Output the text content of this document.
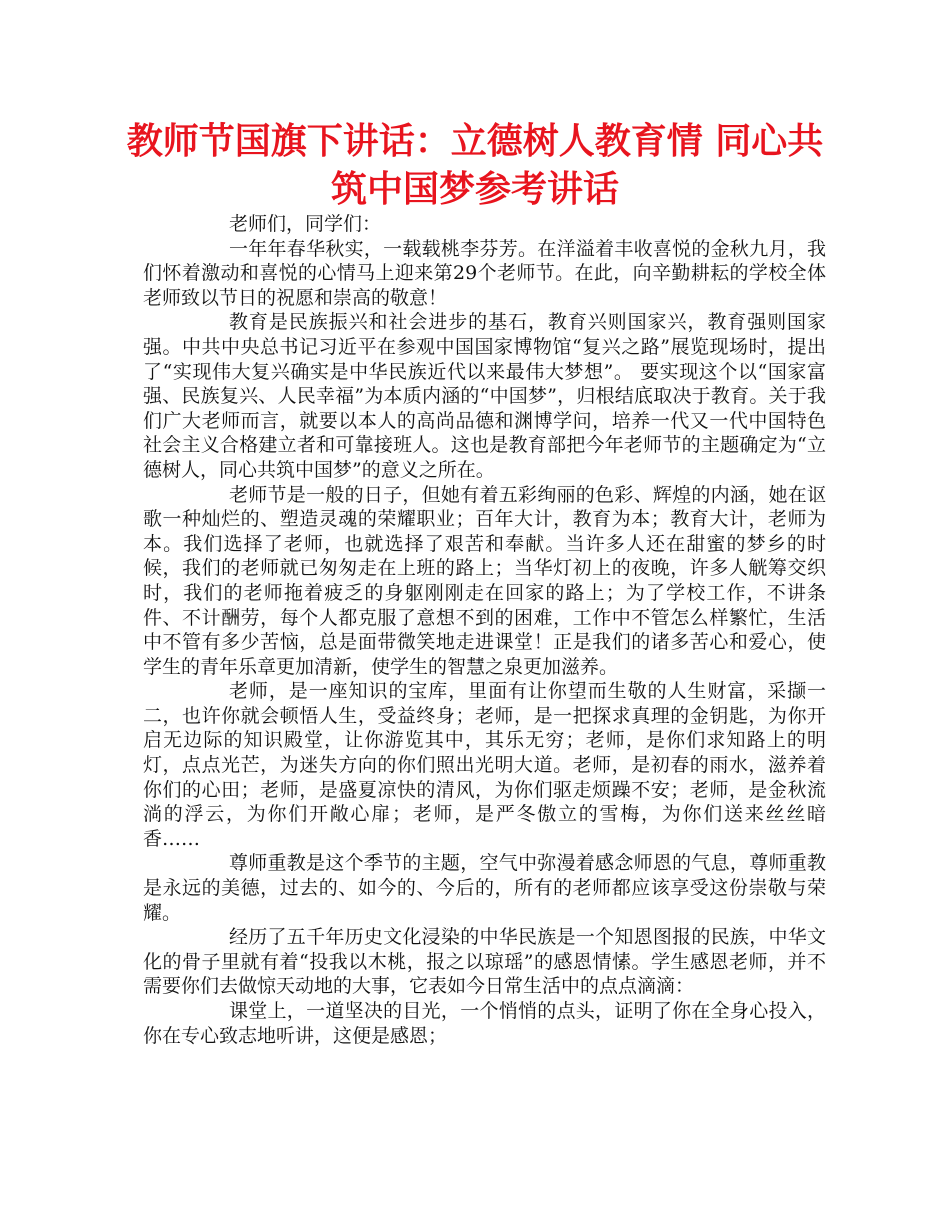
教师节国旗下讲话：立德树人教育情 同心共筑中国梦参考讲话

老师们，同学们：

一年年春华秋实，一载载桃李芬芳。在洋溢着丰收喜悦的金秋九月，我们怀着激动和喜悦的心情马上迎来第29个老师节。在此，向辛勤耕耘的学校全体老师致以节日的祝愿和崇高的敬意！

教育是民族振兴和社会进步的基石，教育兴则国家兴，教育强则国家强。中共中央总书记习近平在参观中国国家博物馆“复兴之路”展览现场时，提出了“实现伟大复兴确实是中华民族近代以来最伟大梦想”。 要实现这个以“国家富强、民族复兴、人民幸福”为本质内涵的“中国梦”，归根结底取决于教育。关于我们广大老师而言，就要以本人的高尚品德和渊博学问，培养一代又一代中国特色社会主义合格建立者和可靠接班人。这也是教育部把今年老师节的主题确定为“立德树人，同心共筑中国梦”的意义之所在。

老师节是一般的日子，但她有着五彩绚丽的色彩、辉煌的内涵，她在讴歌一种灿烂的、塑造灵魂的荣耀职业；百年大计，教育为本；教育大计，老师为本。我们选择了老师，也就选择了艰苦和奉献。当许多人还在甜蜜的梦乡的时候，我们的老师就已匆匆走在上班的路上；当华灯初上的夜晚，许多人觥筹交织时，我们的老师拖着疲乏的身躯刚刚走在回家的路上；为了学校工作，不讲条件、不计酬劳，每个人都克服了意想不到的困难，工作中不管怎么样繁忙，生活中不管有多少苦恼，总是面带微笑地走进课堂！正是我们的诸多苦心和爱心，使学生的青年乐章更加清新，使学生的智慧之泉更加滋养。

老师，是一座知识的宝库，里面有让你望而生敬的人生财富，采撷一二，也许你就会顿悟人生，受益终身；老师，是一把探求真理的金钥匙，为你开启无边际的知识殿堂，让你游览其中，其乐无穷；老师，是你们求知路上的明灯，点点光芒，为迷失方向的你们照出光明大道。老师，是初春的雨水，滋养着你们的心田；老师，是盛夏凉快的清风，为你们驱走烦躁不安；老师，是金秋流淌的浮云，为你们开敞心扉；老师，是严冬傲立的雪梅，为你们送来丝丝暗香……

尊师重教是这个季节的主题，空气中弥漫着感念师恩的气息，尊师重教是永远的美德，过去的、如今的、今后的，所有的老师都应该享受这份崇敬与荣耀。

经历了五千年历史文化浸染的中华民族是一个知恩图报的民族，中华文化的骨子里就有着“投我以木桃，报之以琼瑶”的感恩情愫。学生感恩老师，并不需要你们去做惊天动地的大事，它表如今日常生活中的点点滴滴：

课堂上，一道坚决的目光，一个悄悄的点头，证明了你在全身心投入，你在专心致志地听讲，这便是感恩；
